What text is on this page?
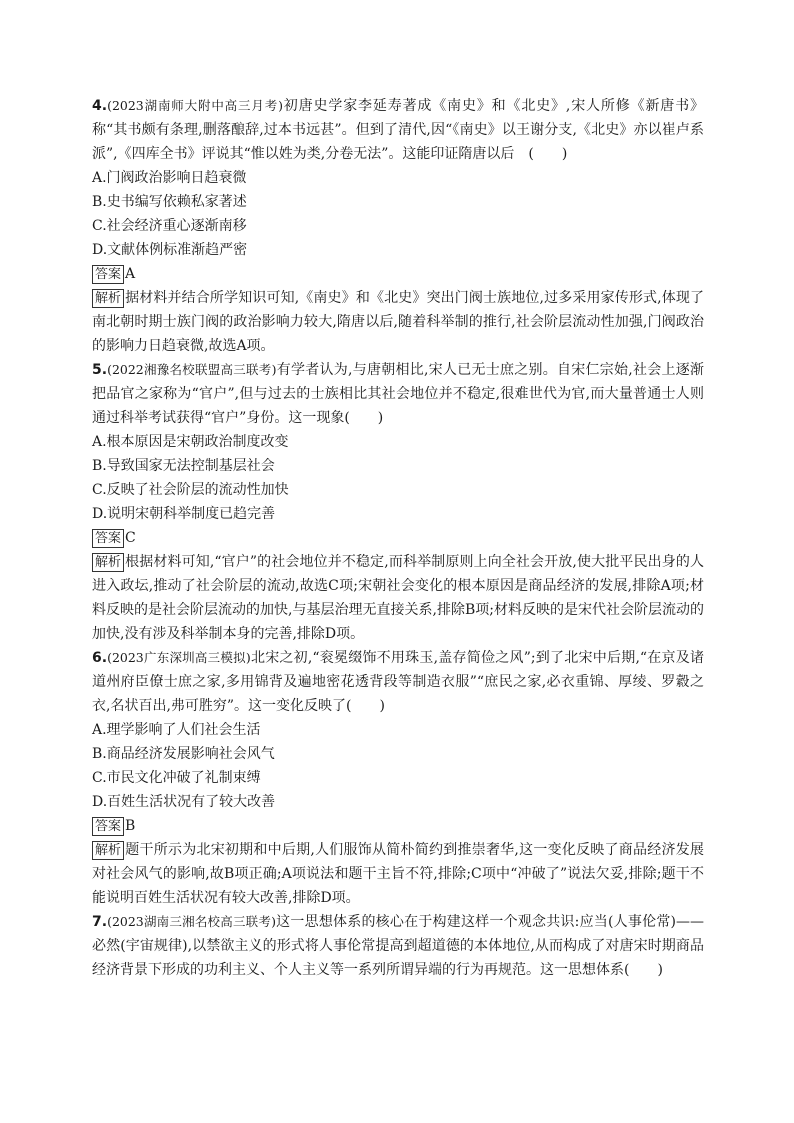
4.(2023湖南师大附中高三月考)初唐史学家李延寿著成《南史》和《北史》,宋人所修《新唐书》称“其书颇有条理,删落酿辞,过本书远甚”。但到了清代,因“《南史》以王谢分支,《北史》亦以崔卢系派”,《四库全书》评说其“惟以姓为类,分卷无法”。这能印证隋唐以后　(　　)

A.门阀政治影响日趋衰微

B.史书编写依赖私家著述

C.社会经济重心逐渐南移

D.文献体例标准渐趋严密

答案 A

解析 据材料并结合所学知识可知,《南史》和《北史》突出门阀士族地位,过多采用家传形式,体现了南北朝时期士族门阀的政治影响力较大,隋唐以后,随着科举制的推行,社会阶层流动性加强,门阀政治的影响力日趋衰微,故选A项。

5.(2022湘豫名校联盟高三联考)有学者认为,与唐朝相比,宋人已无士庶之别。自宋仁宗始,社会上逐渐把品官之家称为“官户”,但与过去的士族相比其社会地位并不稳定,很难世代为官,而大量普通士人则通过科举考试获得“官户”身份。这一现象(　　)

A.根本原因是宋朝政治制度改变

B.导致国家无法控制基层社会

C.反映了社会阶层的流动性加快

D.说明宋朝科举制度已趋完善

答案 C

解析 根据材料可知,“官户”的社会地位并不稳定,而科举制原则上向全社会开放,使大批平民出身的人进入政坛,推动了社会阶层的流动,故选C项;宋朝社会变化的根本原因是商品经济的发展,排除A项;材料反映的是社会阶层流动的加快,与基层治理无直接关系,排除B项;材料反映的是宋代社会阶层流动的加快,没有涉及科举制本身的完善,排除D项。

6.(2023广东深圳高三模拟)北宋之初,“衮冕缀饰不用珠玉,盖存简俭之风”;到了北宋中后期,“在京及诸道州府臣僚士庶之家,多用锦背及遍地密花透背段等制造衣服”“庶民之家,必衣重锦、厚绫、罗縠之衣,名状百出,弗可胜穷”。这一变化反映了(　　)

A.理学影响了人们社会生活

B.商品经济发展影响社会风气

C.市民文化冲破了礼制束缚

D.百姓生活状况有了较大改善

答案 B

解析 题干所示为北宋初期和中后期,人们服饰从简朴简约到推崇奢华,这一变化反映了商品经济发展对社会风气的影响,故B项正确;A项说法和题干主旨不符,排除;C项中“冲破了”说法欠妥,排除;题干不能说明百姓生活状况有较大改善,排除D项。

7.(2023湖南三湘名校高三联考)这一思想体系的核心在于构建这样一个观念共识:应当(人事伦常)——必然(宇宙规律),以禁欲主义的形式将人事伦常提高到超道德的本体地位,从而构成了对唐宋时期商品经济背景下形成的功利主义、个人主义等一系列所谓异端的行为再规范。这一思想体系(　　)
